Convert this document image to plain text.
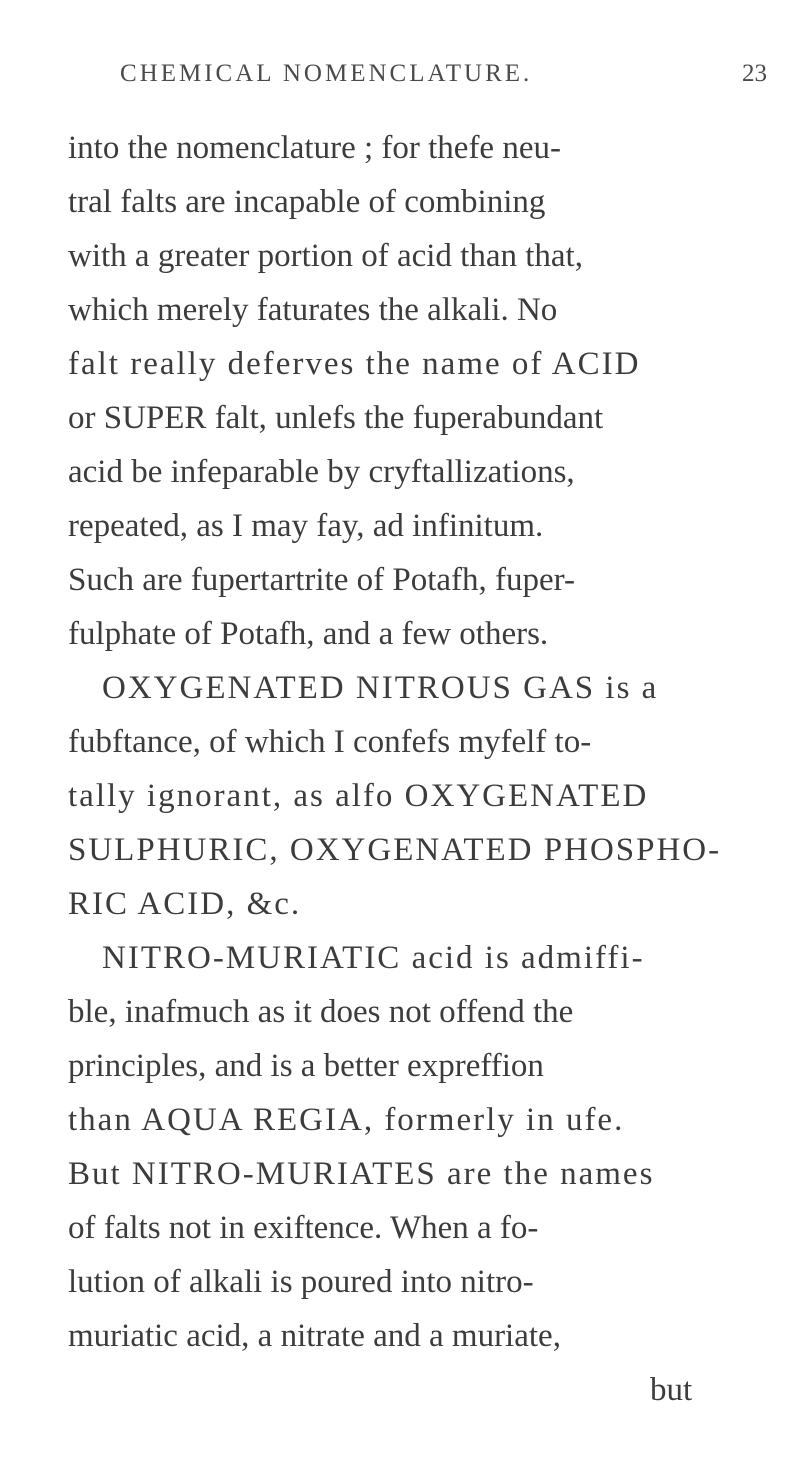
CHEMICAL NOMENCLATURE.	23
into the nomenclature ; for thefe neu-
tral falts are incapable of combining
with a greater portion of acid than that,
which merely faturates the alkali. No
falt really deferves the name of ACID
or SUPER falt, unlefs the fuperabundant
acid be infeparable by cryftallizations,
repeated, as I may fay, ad infinitum.
Such are fupertartrite of Potafh, fuper-
fulphate of Potafh, and a few others.
OXYGENATED NITROUS GAS is a
fubftance, of which I confefs myfelf to-
tally ignorant, as alfo OXYGENATED
SULPHURIC, OXYGENATED PHOSPHO-
RIC ACID, &c.
NITRO-MURIATIC acid is admiffi-
ble, inafmuch as it does not offend the
principles, and is a better expreffion
than AQUA REGIA, formerly in ufe.
But NITRO-MURIATES are the names
of falts not in exiftence. When a fo-
lution of alkali is poured into nitro-
muriatic acid, a nitrate and a muriate,
but
